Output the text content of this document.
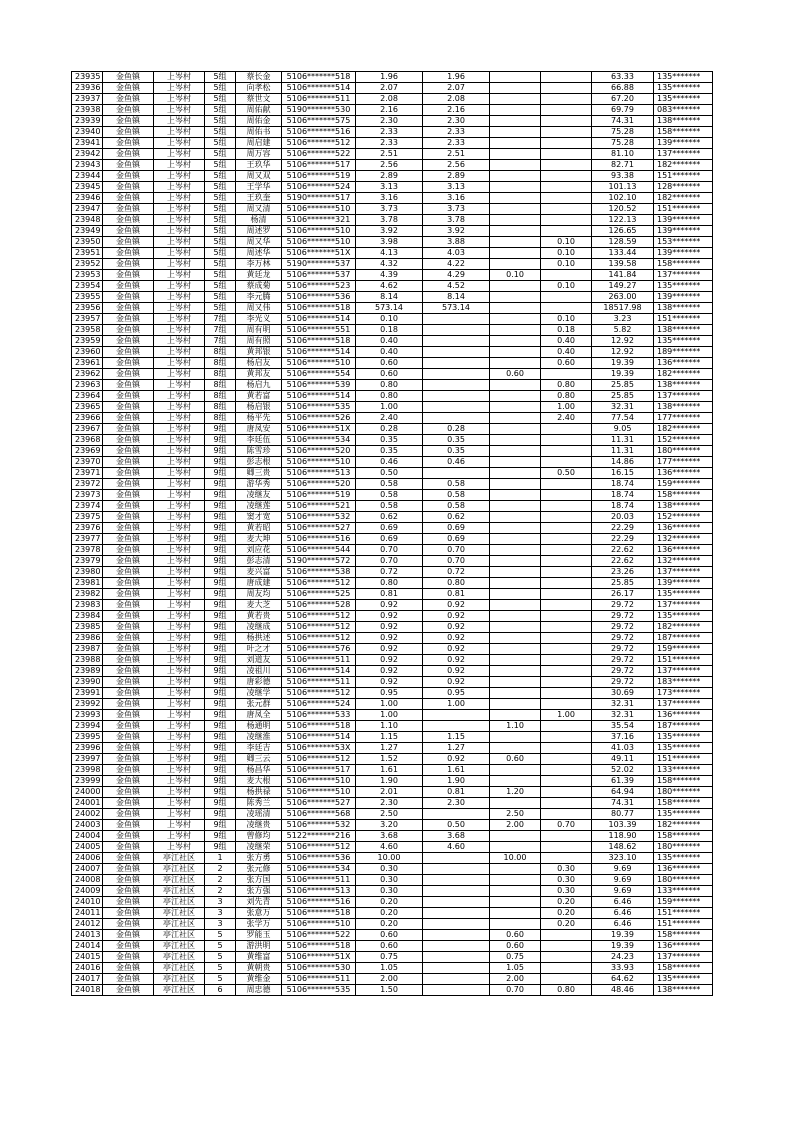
23935	金鱼镇	上岑村	5组	蔡长金	5106*******518	1.96	1.96			63.33	135*******
23936	金鱼镇	上岑村	5组	向孝松	5106*******514	2.07	2.07			66.88	135*******
23937	金鱼镇	上岑村	5组	蔡世文	5106*******511	2.08	2.08			67.20	135*******
23938	金鱼镇	上岑村	5组	周佑献	5190*******530	2.16	2.16			69.79	083*******
23939	金鱼镇	上岑村	5组	周佑金	5106*******575	2.30	2.30			74.31	138*******
23940	金鱼镇	上岑村	5组	周佑书	5106*******516	2.33	2.33			75.28	158*******
23941	金鱼镇	上岑村	5组	周启建	5106*******512	2.33	2.33			75.28	139*******
23942	金鱼镇	上岑村	5组	周万容	5106*******522	2.51	2.51			81.10	137*******
23943	金鱼镇	上岑村	5组	王玖华	5106*******517	2.56	2.56			82.71	182*******
23944	金鱼镇	上岑村	5组	周又双	5106*******519	2.89	2.89			93.38	151*******
23945	金鱼镇	上岑村	5组	王学华	5106*******524	3.13	3.13			101.13	128*******
23946	金鱼镇	上岑村	5组	王玖奎	5190*******517	3.16	3.16			102.10	182*******
23947	金鱼镇	上岑村	5组	周又清	5106*******510	3.73	3.73			120.52	151*******
23948	金鱼镇	上岑村	5组	杨清	5106*******321	3.78	3.78			122.13	139*******
23949	金鱼镇	上岑村	5组	周述罗	5106*******510	3.92	3.92			126.65	139*******
23950	金鱼镇	上岑村	5组	周又华	5106*******510	3.98	3.88		0.10	128.59	153*******
23951	金鱼镇	上岑村	5组	周述华	5106*******51X	4.13	4.03		0.10	133.44	139*******
23952	金鱼镇	上岑村	5组	李万林	5190*******537	4.32	4.22		0.10	139.58	158*******
23953	金鱼镇	上岑村	5组	黄廷龙	5106*******537	4.39	4.29	0.10		141.84	137*******
23954	金鱼镇	上岑村	5组	蔡成菊	5106*******523	4.62	4.52		0.10	149.27	135*******
23955	金鱼镇	上岑村	5组	李元腾	5106*******536	8.14	8.14			263.00	139*******
23956	金鱼镇	上岑村	5组	周又伟	5106*******518	573.14	573.14			18517.98	138*******
23957	金鱼镇	上岑村	7组	李光义	5106*******514	0.10			0.10	3.23	151*******
23958	金鱼镇	上岑村	7组	周有明	5106*******551	0.18			0.18	5.82	138*******
23959	金鱼镇	上岑村	7组	周有照	5106*******518	0.40			0.40	12.92	135*******
23960	金鱼镇	上岑村	8组	黄邦银	5106*******514	0.40			0.40	12.92	189*******
23961	金鱼镇	上岑村	8组	杨启友	5106*******510	0.60			0.60	19.39	136*******
23962	金鱼镇	上岑村	8组	黄邦友	5106*******554	0.60		0.60		19.39	182*******
23963	金鱼镇	上岑村	8组	杨启九	5106*******539	0.80			0.80	25.85	138*******
23964	金鱼镇	上岑村	8组	黄若富	5106*******514	0.80			0.80	25.85	137*******
23965	金鱼镇	上岑村	8组	杨启银	5106*******535	1.00			1.00	32.31	138*******
23966	金鱼镇	上岑村	8组	杨平先	5106*******526	2.40			2.40	77.54	177*******
23967	金鱼镇	上岑村	9组	唐凤安	5106*******51X	0.28	0.28			9.05	182*******
23968	金鱼镇	上岑村	9组	李廷伍	5106*******534	0.35	0.35			11.31	152*******
23969	金鱼镇	上岑村	9组	陈雪珍	5106*******520	0.35	0.35			11.31	180*******
23970	金鱼镇	上岑村	9组	彭志根	5106*******510	0.46	0.46			14.86	177*******
23971	金鱼镇	上岑村	9组	卿三贵	5106*******513	0.50			0.50	16.15	136*******
23972	金鱼镇	上岑村	9组	游华秀	5106*******520	0.58	0.58			18.74	159*******
23973	金鱼镇	上岑村	9组	凌继友	5106*******519	0.58	0.58			18.74	158*******
23974	金鱼镇	上岑村	9组	凌继莲	5106*******521	0.58	0.58			18.74	138*******
23975	金鱼镇	上岑村	9组	窦才宽	5106*******532	0.62	0.62			20.03	152*******
23976	金鱼镇	上岑村	9组	黄若昭	5106*******527	0.69	0.69			22.29	136*******
23977	金鱼镇	上岑村	9组	麦大坤	5106*******516	0.69	0.69			22.29	132*******
23978	金鱼镇	上岑村	9组	刘应花	5106*******544	0.70	0.70			22.62	136*******
23979	金鱼镇	上岑村	9组	彭志清	5190*******572	0.70	0.70			22.62	132*******
23980	金鱼镇	上岑村	9组	麦兴富	5106*******538	0.72	0.72			23.26	137*******
23981	金鱼镇	上岑村	9组	唐成建	5106*******512	0.80	0.80			25.85	139*******
23982	金鱼镇	上岑村	9组	周友均	5106*******525	0.81	0.81			26.17	135*******
23983	金鱼镇	上岑村	9组	麦大芝	5106*******528	0.92	0.92			29.72	137*******
23984	金鱼镇	上岑村	9组	黄若贵	5106*******512	0.92	0.92			29.72	135*******
23985	金鱼镇	上岑村	9组	凌继成	5106*******512	0.92	0.92			29.72	182*******
23986	金鱼镇	上岑村	9组	杨拱述	5106*******512	0.92	0.92			29.72	187*******
23987	金鱼镇	上岑村	9组	叶之才	5106*******576	0.92	0.92			29.72	159*******
23988	金鱼镇	上岑村	9组	刘道友	5106*******511	0.92	0.92			29.72	151*******
23989	金鱼镇	上岑村	9组	凌祖川	5106*******514	0.92	0.92			29.72	137*******
23990	金鱼镇	上岑村	9组	唐彩德	5106*******511	0.92	0.92			29.72	183*******
23991	金鱼镇	上岑村	9组	凌继学	5106*******512	0.95	0.95			30.69	173*******
23992	金鱼镇	上岑村	9组	张元群	5106*******524	1.00	1.00			32.31	137*******
23993	金鱼镇	上岑村	9组	唐凤全	5106*******533	1.00			1.00	32.31	136*******
23994	金鱼镇	上岑村	9组	杨通明	5106*******518	1.10		1.10		35.54	187*******
23995	金鱼镇	上岑村	9组	凌继淮	5106*******514	1.15	1.15			37.16	135*******
23996	金鱼镇	上岑村	9组	李廷吉	5106*******53X	1.27	1.27			41.03	135*******
23997	金鱼镇	上岑村	9组	卿三云	5106*******512	1.52	0.92	0.60		49.11	151*******
23998	金鱼镇	上岑村	9组	杨昌华	5106*******517	1.61	1.61			52.02	133*******
23999	金鱼镇	上岑村	9组	麦大根	5106*******510	1.90	1.90			61.39	158*******
24000	金鱼镇	上岑村	9组	杨拱禄	5106*******510	2.01	0.81	1.20		64.94	180*******
24001	金鱼镇	上岑村	9组	陈秀兰	5106*******527	2.30	2.30			74.31	158*******
24002	金鱼镇	上岑村	9组	凌瑶清	5106*******568	2.50		2.50		80.77	135*******
24003	金鱼镇	上岑村	9组	凌继贵	5106*******532	3.20	0.50	2.00	0.70	103.39	182*******
24004	金鱼镇	上岑村	9组	曾修均	5122*******216	3.68	3.68			118.90	158*******
24005	金鱼镇	上岑村	9组	凌继荣	5106*******512	4.60	4.60			148.62	180*******
24006	金鱼镇	亭江社区	1	张方勇	5106*******536	10.00		10.00		323.10	135*******
24007	金鱼镇	亭江社区	2	张元修	5106*******534	0.30			0.30	9.69	136*******
24008	金鱼镇	亭江社区	2	张方国	5106*******511	0.30			0.30	9.69	180*******
24009	金鱼镇	亭江社区	2	张方强	5106*******513	0.30			0.30	9.69	133*******
24010	金鱼镇	亭江社区	3	刘先青	5106*******516	0.20			0.20	6.46	159*******
24011	金鱼镇	亭江社区	3	张意万	5106*******518	0.20			0.20	6.46	151*******
24012	金鱼镇	亭江社区	3	张学万	5106*******510	0.20			0.20	6.46	151*******
24013	金鱼镇	亭江社区	5	罗能玉	5106*******522	0.60		0.60		19.39	158*******
24014	金鱼镇	亭江社区	5	游洪明	5106*******518	0.60		0.60		19.39	136*******
24015	金鱼镇	亭江社区	5	黄维富	5106*******51X	0.75		0.75		24.23	137*******
24016	金鱼镇	亭江社区	5	黄朝贵	5106*******530	1.05		1.05		33.93	158*******
24017	金鱼镇	亭江社区	5	黄维金	5106*******511	2.00		2.00		64.62	135*******
24018	金鱼镇	亭江社区	6	周忠德	5106*******535	1.50		0.70	0.80	48.46	138*******
